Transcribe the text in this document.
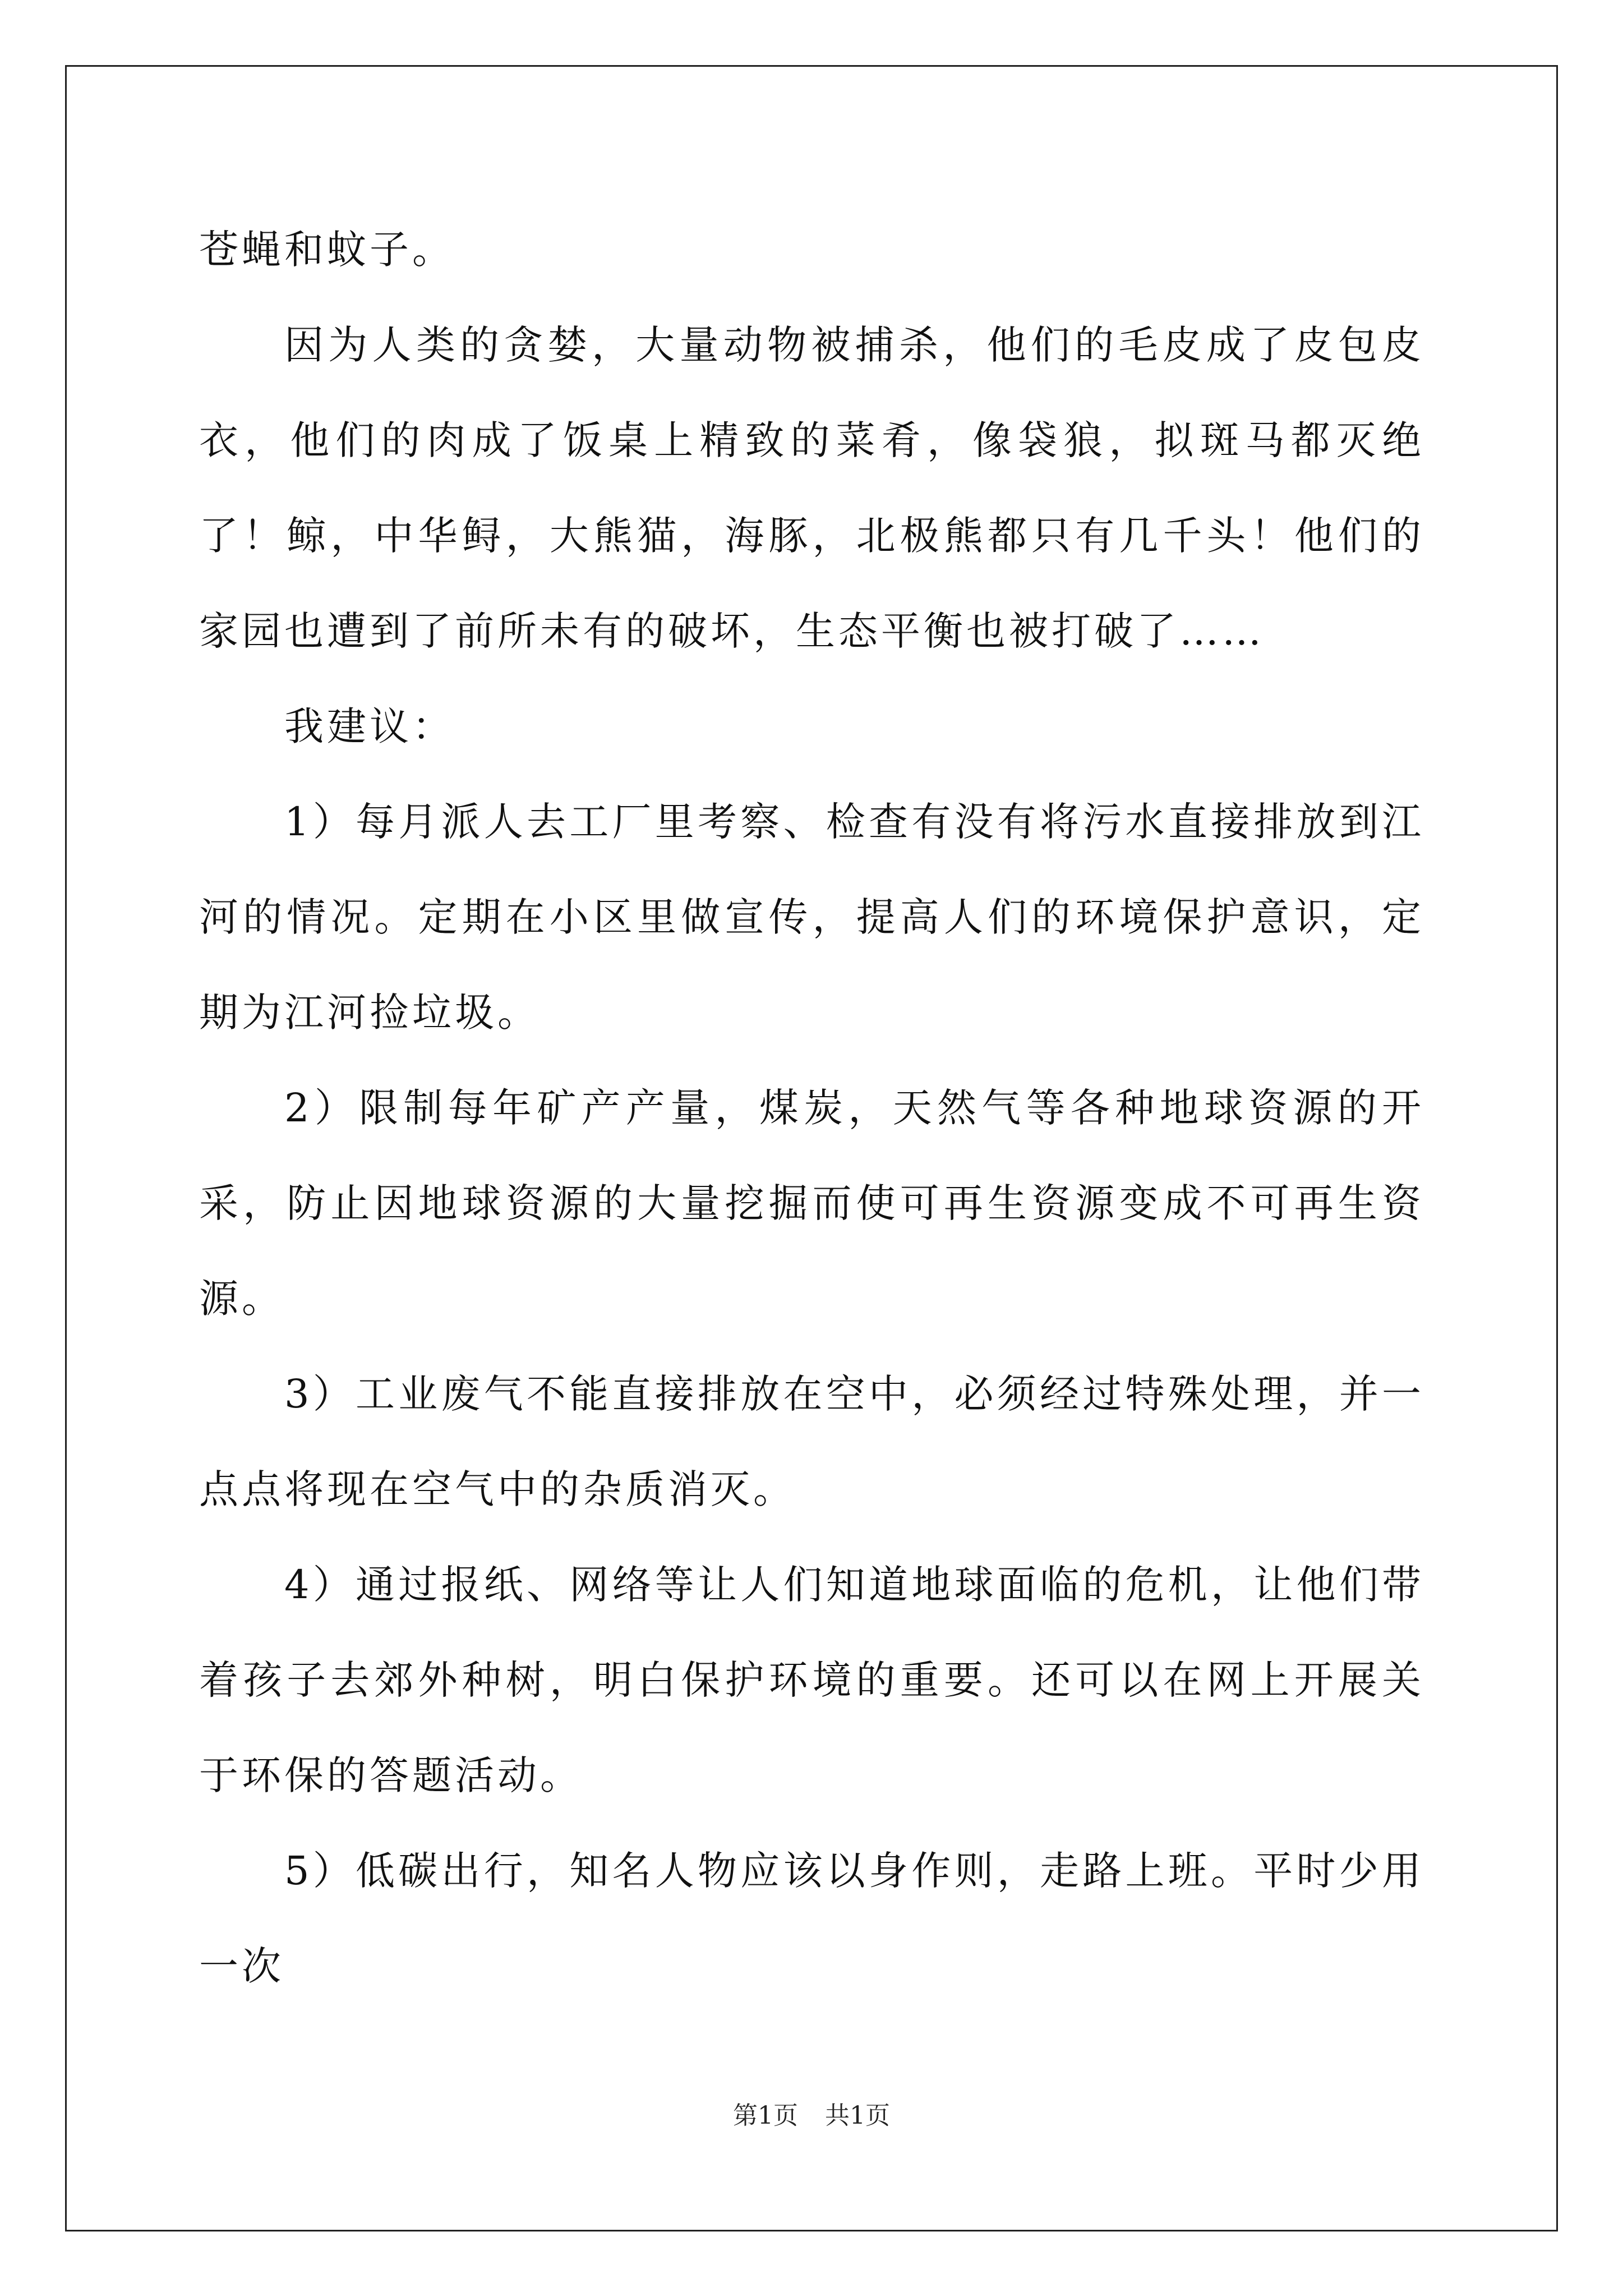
苍蝇和蚊子。

因为人类的贪婪，大量动物被捕杀，他们的毛皮成了皮包皮衣，他们的肉成了饭桌上精致的菜肴，像袋狼，拟斑马都灭绝了！鲸，中华鲟，大熊猫，海豚，北极熊都只有几千头！他们的家园也遭到了前所未有的破坏，生态平衡也被打破了……

我建议：

1）每月派人去工厂里考察、检查有没有将污水直接排放到江河的情况。定期在小区里做宣传，提高人们的环境保护意识，定期为江河捡垃圾。

2）限制每年矿产产量，煤炭，天然气等各种地球资源的开采，防止因地球资源的大量挖掘而使可再生资源变成不可再生资源。

3）工业废气不能直接排放在空中，必须经过特殊处理，并一点点将现在空气中的杂质消灭。

4）通过报纸、网络等让人们知道地球面临的危机，让他们带着孩子去郊外种树，明白保护环境的重要。还可以在网上开展关于环保的答题活动。

5）低碳出行，知名人物应该以身作则，走路上班。平时少用一次

第1页 共1页
